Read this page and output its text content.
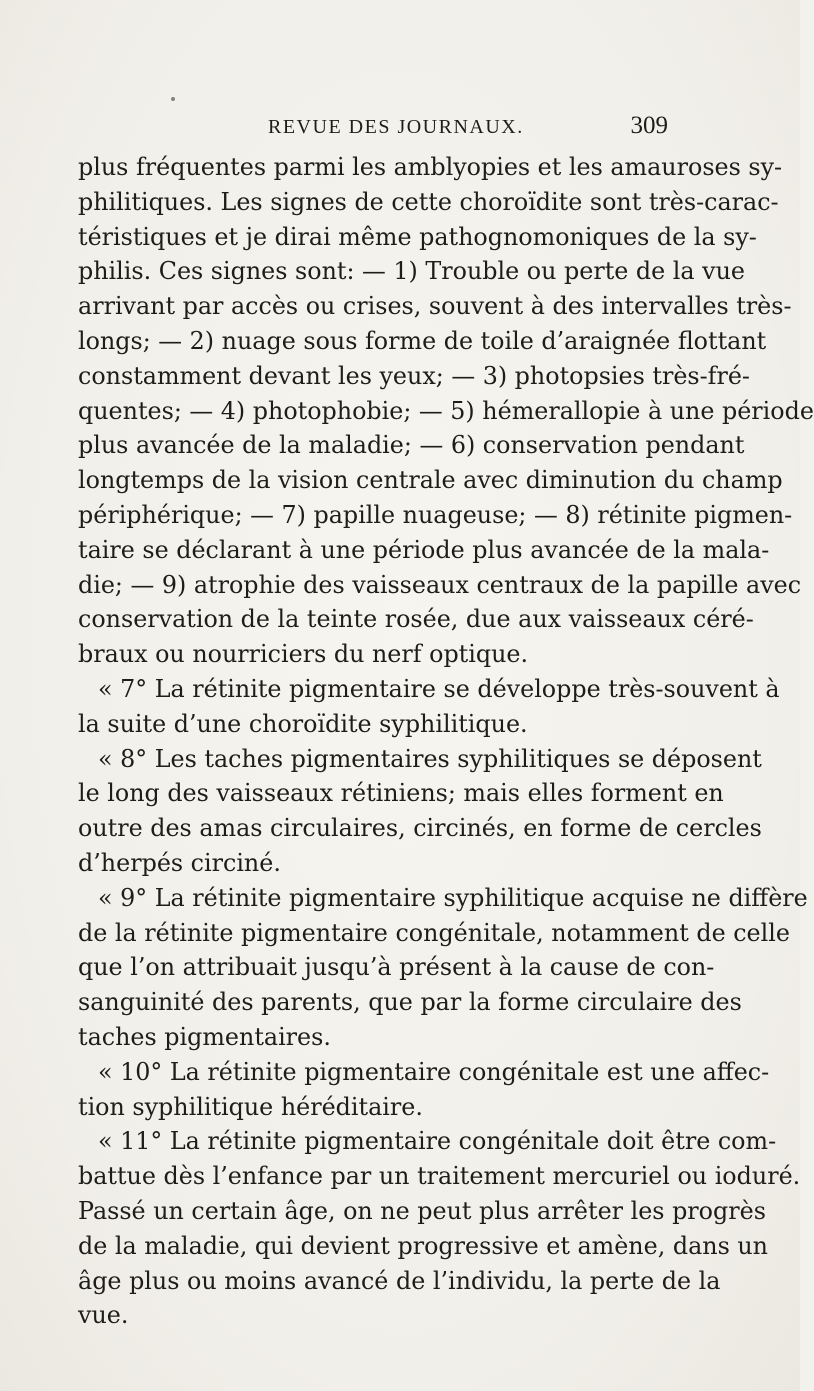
REVUE DES JOURNAUX.	309
plus fréquentes parmi les amblyopies et les amauroses sy-
philitiques. Les signes de cette choroïdite sont très-carac-
téristiques et je dirai même pathognomoniques de la sy-
philis. Ces signes sont: — 1) Trouble ou perte de la vue
arrivant par accès ou crises, souvent à des intervalles très-
longs; — 2) nuage sous forme de toile d’araignée flottant
constamment devant les yeux; — 3) photopsies très-fré-
quentes; — 4) photophobie; — 5) hémerallopie à une période
plus avancée de la maladie; — 6) conservation pendant
longtemps de la vision centrale avec diminution du champ
périphérique; — 7) papille nuageuse; — 8) rétinite pigmen-
taire se déclarant à une période plus avancée de la mala-
die; — 9) atrophie des vaisseaux centraux de la papille avec
conservation de la teinte rosée, due aux vaisseaux céré-
braux ou nourriciers du nerf optique.
« 7° La rétinite pigmentaire se développe très-souvent à
la suite d’une choroïdite syphilitique.
« 8° Les taches pigmentaires syphilitiques se déposent
le long des vaisseaux rétiniens; mais elles forment en
outre des amas circulaires, circinés, en forme de cercles
d’herpés circiné.
« 9° La rétinite pigmentaire syphilitique acquise ne diffère
de la rétinite pigmentaire congénitale, notamment de celle
que l’on attribuait jusqu’à présent à la cause de con-
sanguinité des parents, que par la forme circulaire des
taches pigmentaires.
« 10° La rétinite pigmentaire congénitale est une affec-
tion syphilitique héréditaire.
« 11° La rétinite pigmentaire congénitale doit être com-
battue dès l’enfance par un traitement mercuriel ou ioduré.
Passé un certain âge, on ne peut plus arrêter les progrès
de la maladie, qui devient progressive et amène, dans un
âge plus ou moins avancé de l’individu, la perte de la
vue.
